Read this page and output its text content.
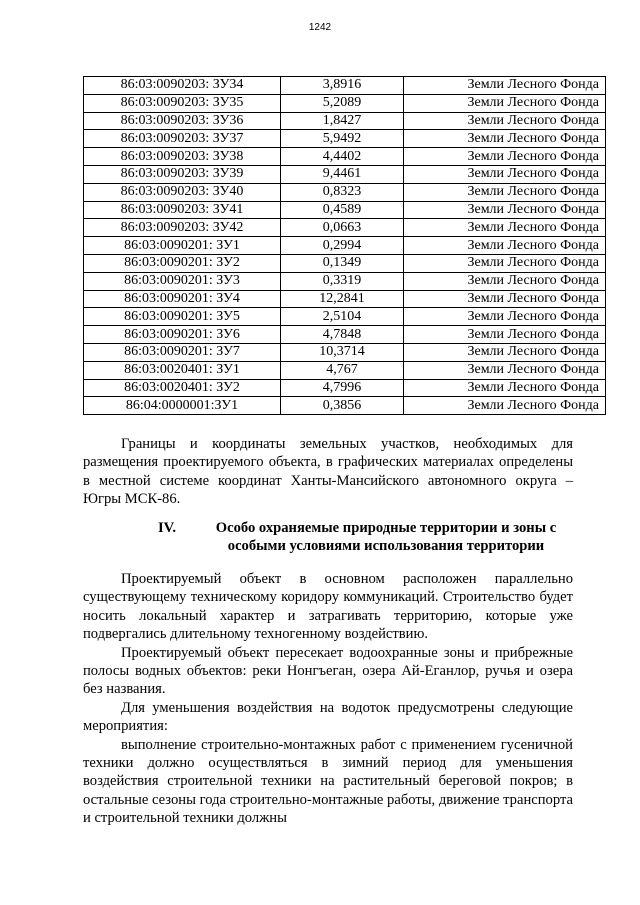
1242
86:03:0090203: ЗУ34	3,8916	Земли Лесного Фонда
86:03:0090203: ЗУ35	5,2089	Земли Лесного Фонда
86:03:0090203: ЗУ36	1,8427	Земли Лесного Фонда
86:03:0090203: ЗУ37	5,9492	Земли Лесного Фонда
86:03:0090203: ЗУ38	4,4402	Земли Лесного Фонда
86:03:0090203: ЗУ39	9,4461	Земли Лесного Фонда
86:03:0090203: ЗУ40	0,8323	Земли Лесного Фонда
86:03:0090203: ЗУ41	0,4589	Земли Лесного Фонда
86:03:0090203: ЗУ42	0,0663	Земли Лесного Фонда
86:03:0090201: ЗУ1	0,2994	Земли Лесного Фонда
86:03:0090201: ЗУ2	0,1349	Земли Лесного Фонда
86:03:0090201: ЗУ3	0,3319	Земли Лесного Фонда
86:03:0090201: ЗУ4	12,2841	Земли Лесного Фонда
86:03:0090201: ЗУ5	2,5104	Земли Лесного Фонда
86:03:0090201: ЗУ6	4,7848	Земли Лесного Фонда
86:03:0090201: ЗУ7	10,3714	Земли Лесного Фонда
86:03:0020401: ЗУ1	4,767	Земли Лесного Фонда
86:03:0020401: ЗУ2	4,7996	Земли Лесного Фонда
86:04:0000001:ЗУ1	0,3856	Земли Лесного Фонда

Границы и координаты земельных участков, необходимых для размещения проектируемого объекта, в графических материалах определены в местной системе координат Ханты-Мансийского автономного округа – Югры МСК-86.

IV.	Особо охраняемые природные территории и зоны с
особыми условиями использования территории

Проектируемый объект в основном расположен параллельно существующему техническому коридору коммуникаций. Строительство будет носить локальный характер и затрагивать территорию, которые уже подвергались длительному техногенному воздействию.

Проектируемый объект пересекает водоохранные зоны и прибрежные полосы водных объектов: реки Нонгъеган, озера Ай-Еганлор, ручья и озера без названия.

Для уменьшения воздействия на водоток предусмотрены следующие мероприятия:

выполнение строительно-монтажных работ с применением гусеничной техники должно осуществляться в зимний период для уменьшения воздействия строительной техники на растительный береговой покров; в остальные сезоны года строительно-монтажные работы, движение транспорта и строительной техники должны
